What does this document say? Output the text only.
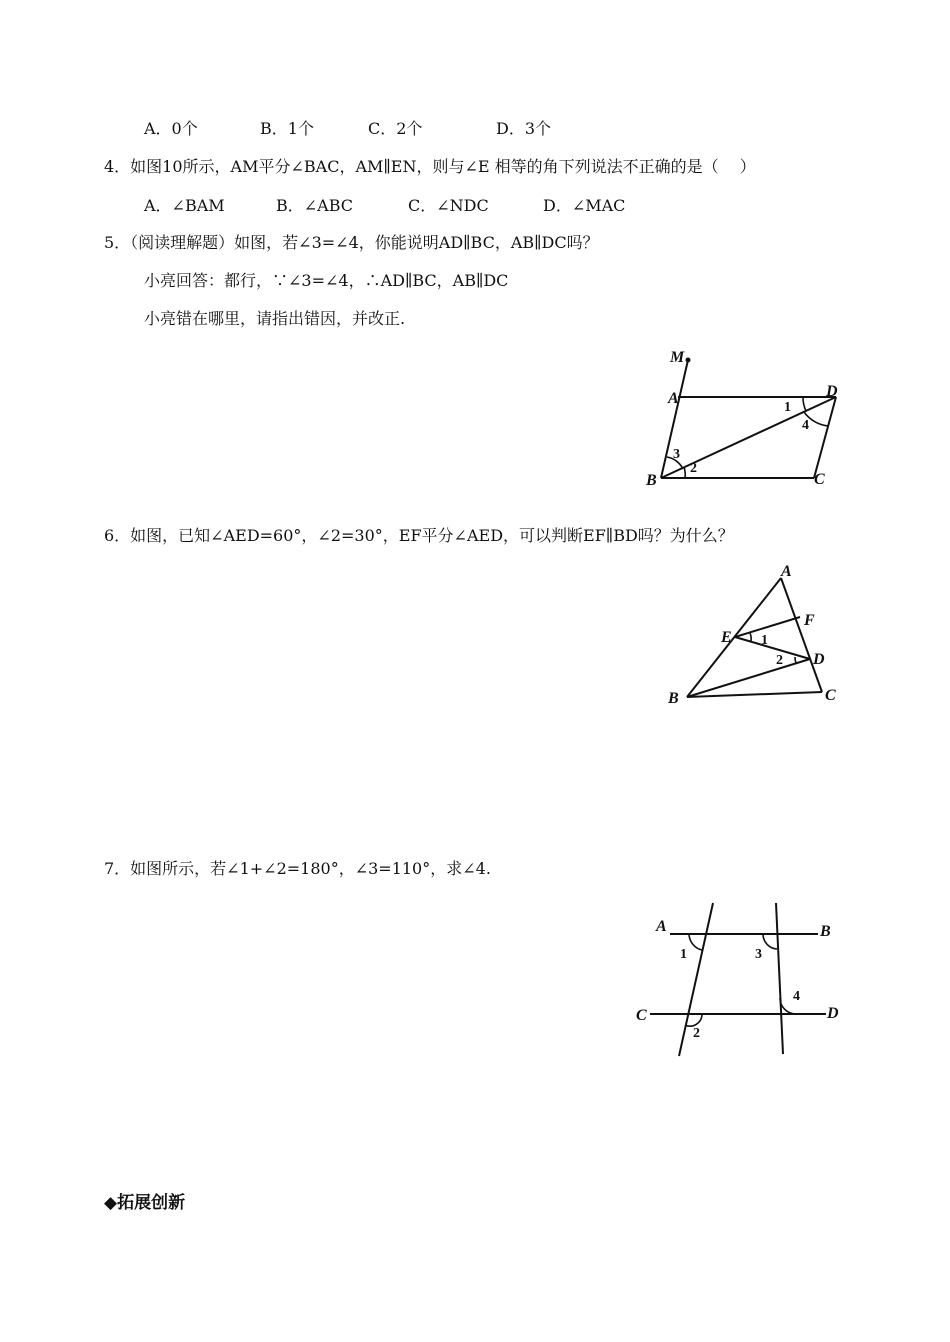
A．0个	B．1个	C．2个	D．3个
4．如图10所示，AM平分∠BAC，AM∥EN，则与∠E 相等的角下列说法不正确的是（　 ）
A．∠BAM	B．∠ABC	C．∠NDC	D．∠MAC
5．（阅读理解题）如图，若∠3=∠4，你能说明AD∥BC，AB∥DC吗？
小亮回答：都行，∵∠3=∠4，∴AD∥BC，AB∥DC
小亮错在哪里，请指出错因，并改正.
M
A	D
B	C
1
4
3
2
6．如图，已知∠AED=60°，∠2=30°，EF平分∠AED，可以判断EF∥BD吗？为什么？
A
F
E
D
B	C
1
2
7．如图所示，若∠1+∠2=180°，∠3=110°，求∠4.
A	B
C	D
1	3
4
2
◆拓展创新
